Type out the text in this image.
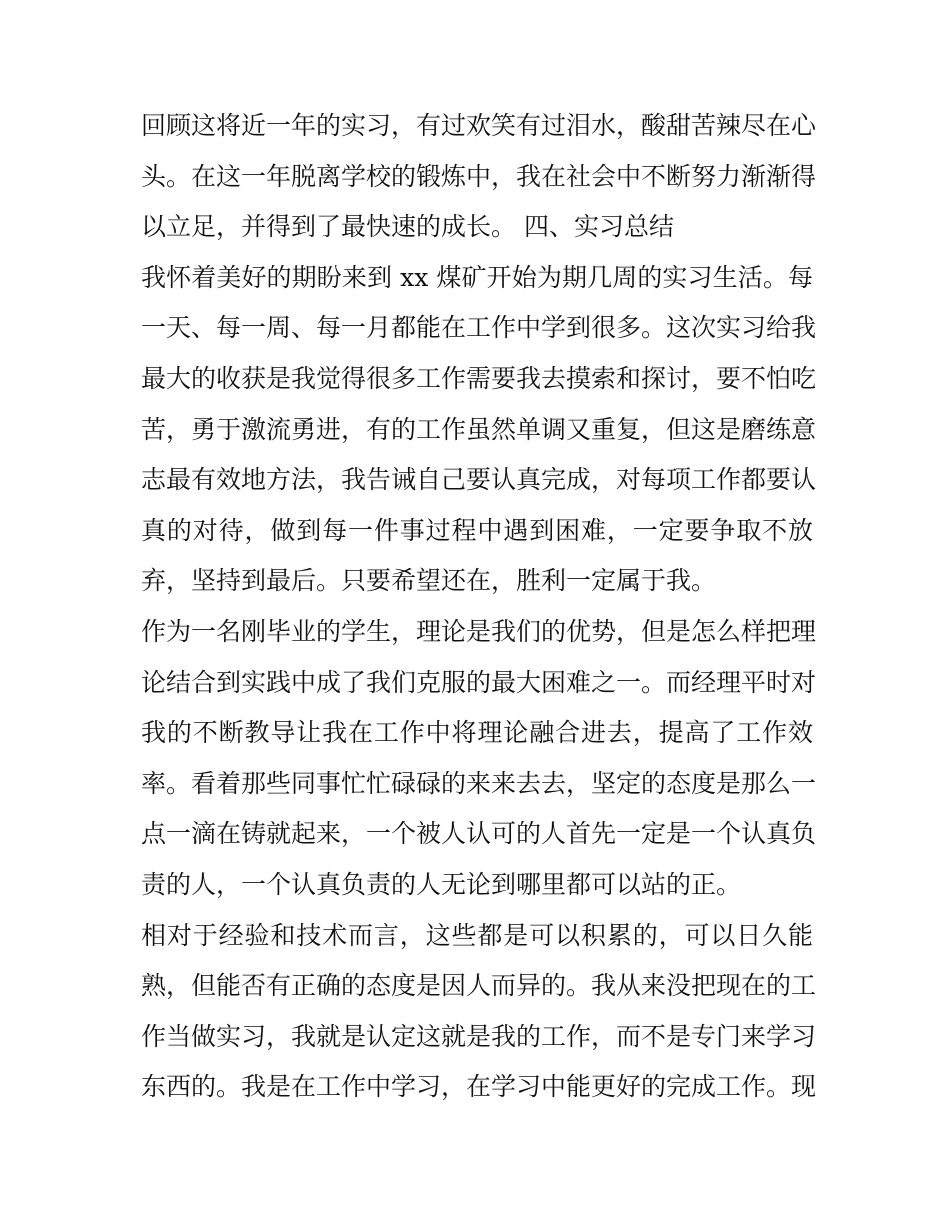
回顾这将近一年的实习，有过欢笑有过泪水，酸甜苦辣尽在心
头。在这一年脱离学校的锻炼中，我在社会中不断努力渐渐得
以立足，并得到了最快速的成长。 四、实习总结
我怀着美好的期盼来到 xx 煤矿开始为期几周的实习生活。每
一天、每一周、每一月都能在工作中学到很多。这次实习给我
最大的收获是我觉得很多工作需要我去摸索和探讨，要不怕吃
苦，勇于激流勇进，有的工作虽然单调又重复，但这是磨练意
志最有效地方法，我告诫自己要认真完成，对每项工作都要认
真的对待，做到每一件事过程中遇到困难，一定要争取不放
弃，坚持到最后。只要希望还在，胜利一定属于我。
作为一名刚毕业的学生，理论是我们的优势，但是怎么样把理
论结合到实践中成了我们克服的最大困难之一。而经理平时对
我的不断教导让我在工作中将理论融合进去，提高了工作效
率。看着那些同事忙忙碌碌的来来去去，坚定的态度是那么一
点一滴在铸就起来，一个被人认可的人首先一定是一个认真负
责的人，一个认真负责的人无论到哪里都可以站的正。
相对于经验和技术而言，这些都是可以积累的，可以日久能
熟，但能否有正确的态度是因人而异的。我从来没把现在的工
作当做实习，我就是认定这就是我的工作，而不是专门来学习
东西的。我是在工作中学习，在学习中能更好的完成工作。现
